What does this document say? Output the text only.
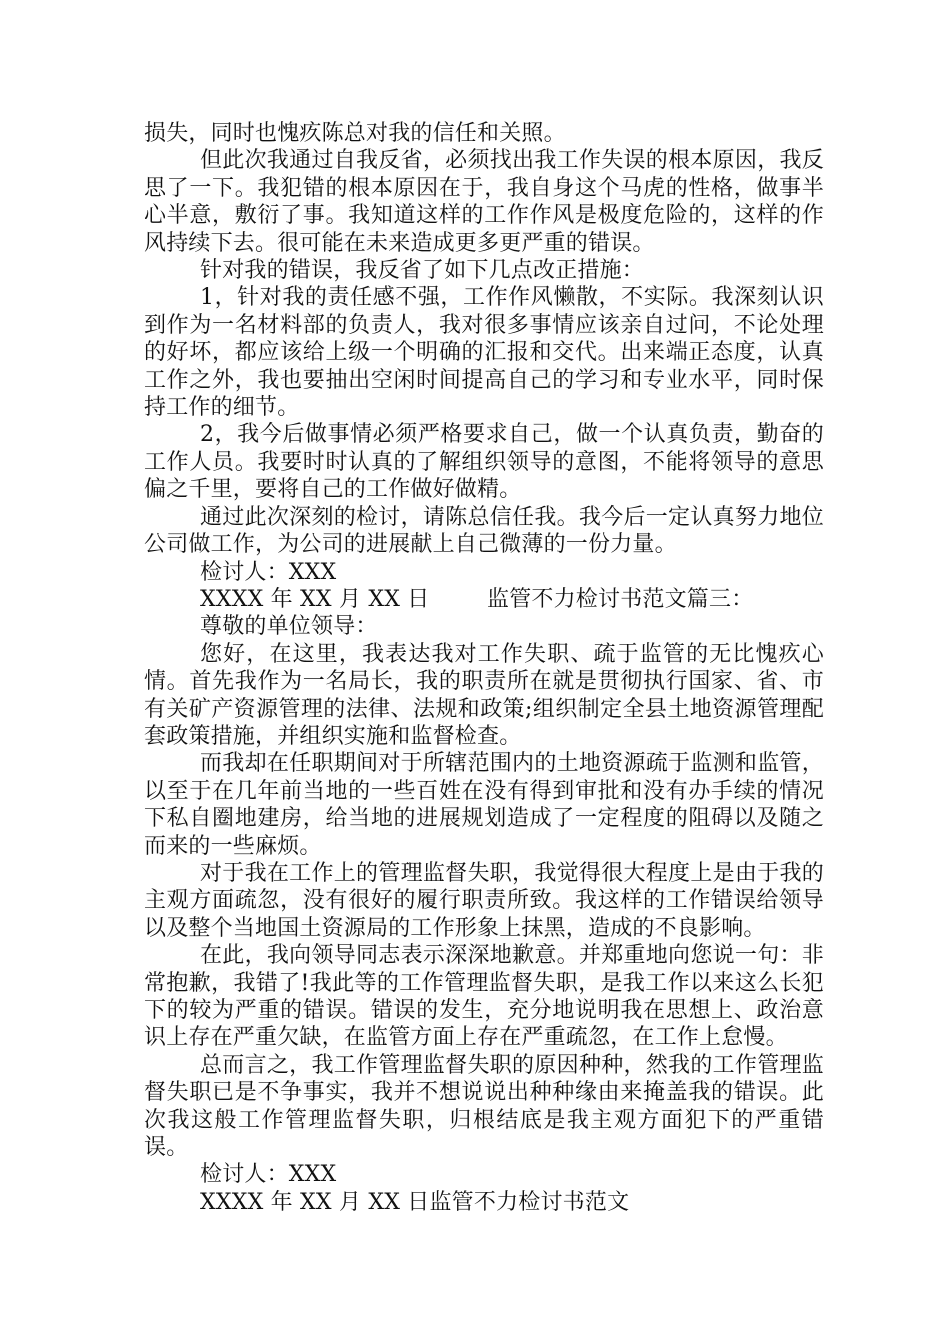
损失，同时也愧疚陈总对我的信任和关照。

但此次我通过自我反省，必须找出我工作失误的根本原因，我反思了一下。我犯错的根本原因在于，我自身这个马虎的性格，做事半心半意，敷衍了事。我知道这样的工作作风是极度危险的，这样的作风持续下去。很可能在未来造成更多更严重的错误。

针对我的错误，我反省了如下几点改正措施：

1，针对我的责任感不强，工作作风懒散，不实际。我深刻认识到作为一名材料部的负责人，我对很多事情应该亲自过问，不论处理的好坏，都应该给上级一个明确的汇报和交代。出来端正态度，认真工作之外，我也要抽出空闲时间提高自己的学习和专业水平，同时保持工作的细节。

2，我今后做事情必须严格要求自己，做一个认真负责，勤奋的工作人员。我要时时认真的了解组织领导的意图，不能将领导的意思偏之千里，要将自己的工作做好做精。

通过此次深刻的检讨，请陈总信任我。我今后一定认真努力地位公司做工作，为公司的进展献上自己微薄的一份力量。

检讨人：XXX

XXXX 年 XX 月 XX 日        监管不力检讨书范文篇三：

尊敬的单位领导：

您好，在这里，我表达我对工作失职、疏于监管的无比愧疚心情。首先我作为一名局长，我的职责所在就是贯彻执行国家、省、市有关矿产资源管理的法律、法规和政策;组织制定全县土地资源管理配套政策措施，并组织实施和监督检查。

而我却在任职期间对于所辖范围内的土地资源疏于监测和监管，以至于在几年前当地的一些百姓在没有得到审批和没有办手续的情况下私自圈地建房，给当地的进展规划造成了一定程度的阻碍以及随之而来的一些麻烦。

对于我在工作上的管理监督失职，我觉得很大程度上是由于我的主观方面疏忽，没有很好的履行职责所致。我这样的工作错误给领导以及整个当地国土资源局的工作形象上抹黑，造成的不良影响。

在此，我向领导同志表示深深地歉意。并郑重地向您说一句：非常抱歉，我错了!我此等的工作管理监督失职，是我工作以来这么长犯下的较为严重的错误。错误的发生，充分地说明我在思想上、政治意识上存在严重欠缺，在监管方面上存在严重疏忽，在工作上怠慢。

总而言之，我工作管理监督失职的原因种种，然我的工作管理监督失职已是不争事实，我并不想说说出种种缘由来掩盖我的错误。此次我这般工作管理监督失职，归根结底是我主观方面犯下的严重错误。

检讨人：XXX

XXXX 年 XX 月 XX 日监管不力检讨书范文
